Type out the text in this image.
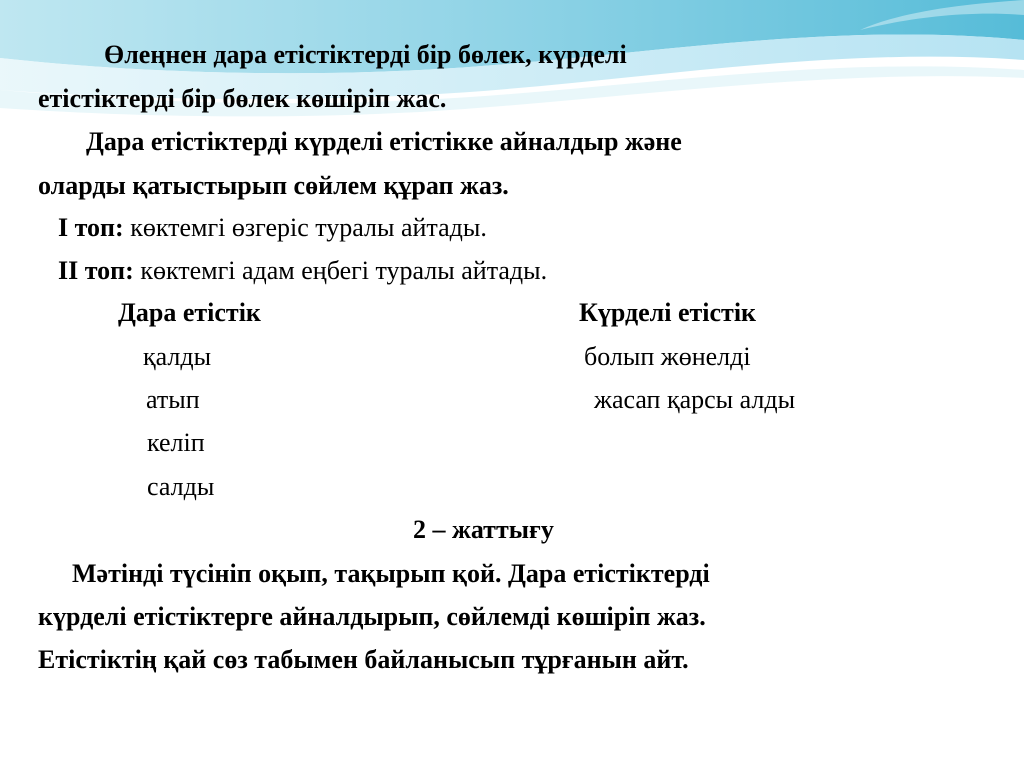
Өлеңнен дара етістіктерді бір бөлек, күрделі
етістіктерді бір бөлек көшіріп жас.
Дара етістіктерді күрделі етістікке айналдыр және
оларды қатыстырып сөйлем құрап жаз.
І топ: көктемгі өзгеріс туралы айтады.
ІІ топ: көктемгі адам еңбегі туралы айтады.
Дара етістік	Күрделі етістік
қалды
атып
келіп
салды
болып жөнелді
жасап қарсы алды
2 – жаттығу
Мәтінді түсініп оқып, тақырып қой. Дара етістіктерді
күрделі етістіктерге айналдырып, сөйлемді көшіріп жаз.
Етістіктің қай сөз табымен байланысып тұрғанын айт.
